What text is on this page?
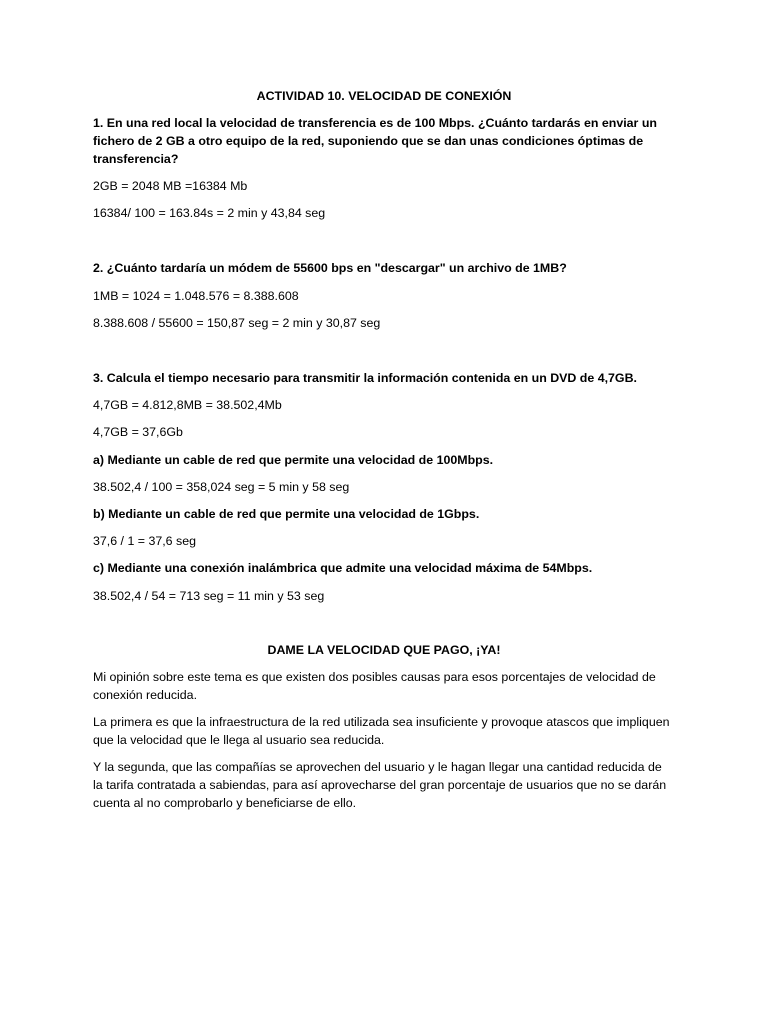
ACTIVIDAD 10. VELOCIDAD DE CONEXIÓN
1. En una red local la velocidad de transferencia es de 100 Mbps. ¿Cuánto tardarás en enviar un fichero de 2 GB a otro equipo de la red, suponiendo que se dan unas condiciones óptimas de transferencia?
2GB = 2048 MB =16384 Mb
16384/ 100 = 163.84s = 2 min y 43,84 seg
2. ¿Cuánto tardaría un módem de 55600 bps en "descargar" un archivo de 1MB?
1MB = 1024 = 1.048.576 = 8.388.608
8.388.608 / 55600 = 150,87 seg = 2 min y 30,87 seg
3. Calcula el tiempo necesario para transmitir la información contenida en un DVD de 4,7GB.
4,7GB = 4.812,8MB = 38.502,4Mb
4,7GB = 37,6Gb
a) Mediante un cable de red que permite una velocidad de 100Mbps.
38.502,4 / 100 = 358,024 seg = 5 min y 58 seg
b) Mediante un cable de red que permite una velocidad de 1Gbps.
37,6 / 1 = 37,6 seg
c) Mediante una conexión inalámbrica que admite una velocidad máxima de 54Mbps.
38.502,4 / 54 = 713 seg = 11 min y 53 seg
DAME LA VELOCIDAD QUE PAGO, ¡YA!
Mi opinión sobre este tema es que existen dos posibles causas para esos porcentajes de velocidad de conexión reducida.
La primera es que la infraestructura de la red utilizada sea insuficiente y provoque atascos que impliquen que la velocidad que le llega al usuario sea reducida.
Y la segunda, que las compañías se aprovechen del usuario y le hagan llegar una cantidad reducida de la tarifa contratada a sabiendas, para así aprovecharse del gran porcentaje de usuarios que no se darán cuenta al no comprobarlo y beneficiarse de ello.
